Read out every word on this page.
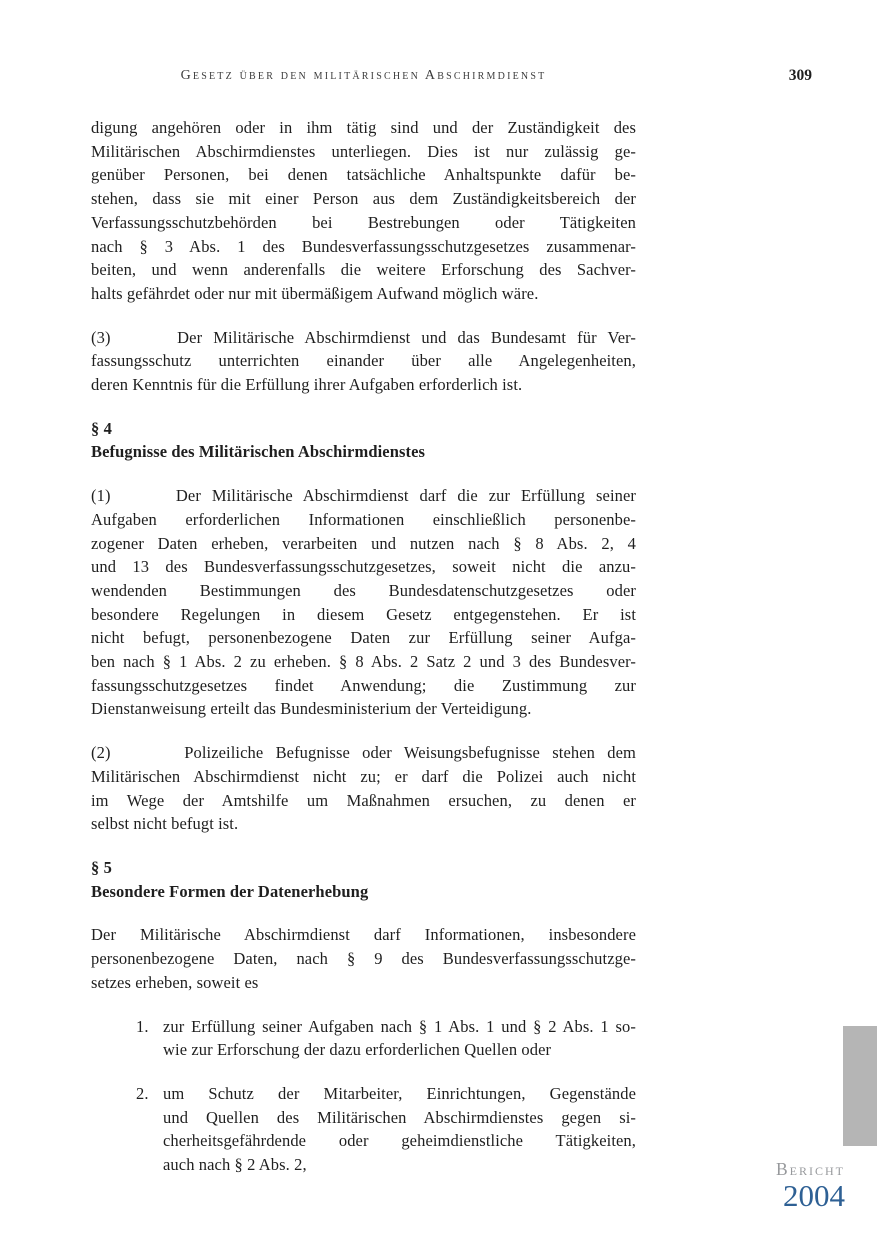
Gesetz über den militärischen Abschirmdienst	309
digung angehören oder in ihm tätig sind und der Zuständigkeit des
Militärischen Abschirmdienstes unterliegen. Dies ist nur zulässig ge-
genüber Personen, bei denen tatsächliche Anhaltspunkte dafür be-
stehen, dass sie mit einer Person aus dem Zuständigkeitsbereich der
Verfassungsschutzbehörden bei Bestrebungen oder Tätigkeiten
nach § 3 Abs. 1 des Bundesverfassungsschutzgesetzes zusammenar-
beiten, und wenn anderenfalls die weitere Erforschung des Sachver-
halts gefährdet oder nur mit übermäßigem Aufwand möglich wäre.
(3)      Der Militärische Abschirmdienst und das Bundesamt für Ver-
fassungsschutz unterrichten einander über alle Angelegenheiten,
deren Kenntnis für die Erfüllung ihrer Aufgaben erforderlich ist.
§ 4
Befugnisse des Militärischen Abschirmdienstes
(1)      Der Militärische Abschirmdienst darf die zur Erfüllung seiner
Aufgaben erforderlichen Informationen einschließlich personenbe-
zogener Daten erheben, verarbeiten und nutzen nach § 8 Abs. 2, 4
und 13 des Bundesverfassungsschutzgesetzes, soweit nicht die anzu-
wendenden Bestimmungen des Bundesdatenschutzgesetzes oder
besondere Regelungen in diesem Gesetz entgegenstehen. Er ist
nicht befugt, personenbezogene Daten zur Erfüllung seiner Aufga-
ben nach § 1 Abs. 2 zu erheben. § 8 Abs. 2 Satz 2 und 3 des Bundesver-
fassungsschutzgesetzes findet Anwendung; die Zustimmung zur
Dienstanweisung erteilt das Bundesministerium der Verteidigung.
(2)      Polizeiliche Befugnisse oder Weisungsbefugnisse stehen dem
Militärischen Abschirmdienst nicht zu; er darf die Polizei auch nicht
im Wege der Amtshilfe um Maßnahmen ersuchen, zu denen er
selbst nicht befugt ist.
§ 5
Besondere Formen der Datenerhebung
Der Militärische Abschirmdienst darf Informationen, insbesondere
personenbezogene Daten, nach § 9 des Bundesverfassungsschutzge-
setzes erheben, soweit es
1. zur Erfüllung seiner Aufgaben nach § 1 Abs. 1 und § 2 Abs. 1 so-
wie zur Erforschung der dazu erforderlichen Quellen oder
2. um Schutz der Mitarbeiter, Einrichtungen, Gegenstände
und Quellen des Militärischen Abschirmdienstes gegen si-
cherheitsgefährdende oder geheimdienstliche Tätigkeiten,
auch nach § 2 Abs. 2,	Bericht
2004
